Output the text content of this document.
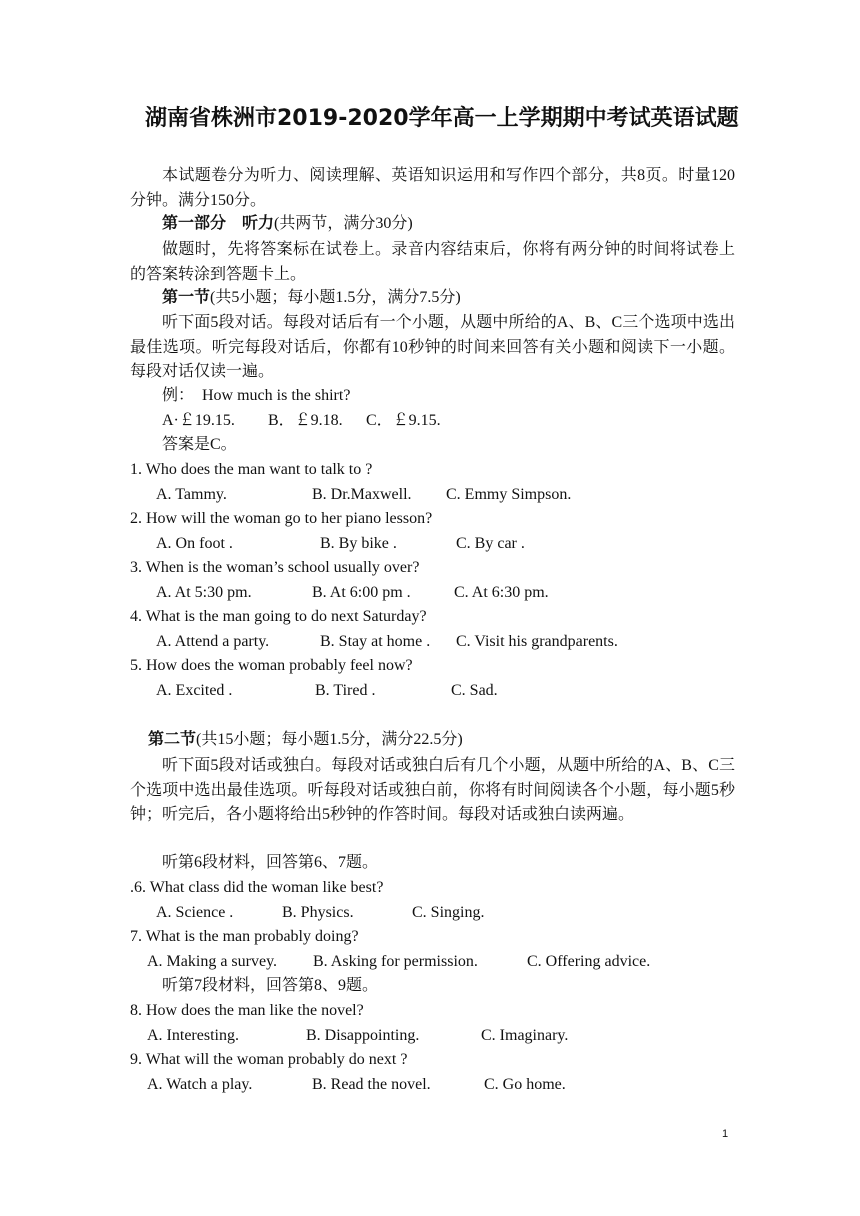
湖南省株洲市2019-2020学年高一上学期期中考试英语试题
本试题卷分为听力、阅读理解、英语知识运用和写作四个部分，共8页。时量120分钟。满分150分。
第一部分　听力(共两节，满分30分)
做题时，先将答案标在试卷上。录音内容结束后，你将有两分钟的时间将试卷上的答案转涂到答题卡上。
第一节(共5小题；每小题1.5分，满分7.5分)
听下面5段对话。每段对话后有一个小题，从题中所给的A、B、C三个选项中选出最佳选项。听完每段对话后，你都有10秒钟的时间来回答有关小题和阅读下一小题。每段对话仅读一遍。
例：　How much is the shirt?
A·￡19.15. B．￡9.18. C．￡9.15.
答案是C。
1. Who does the man want to talk to ?
A. Tammy.	B. Dr.Maxwell. C. Emmy Simpson.
2. How will the woman go to her piano lesson?
A. On foot .	B. By bike .	C. By car .
3. When is the woman’s school usually over?
A. At 5:30 pm.	B. At 6:00 pm .	C. At 6:30 pm.
4. What is the man going to do next Saturday?
A. Attend a party.	B. Stay at home . C. Visit his grandparents.
5. How does the woman probably feel now?
A. Excited .	B. Tired .	C. Sad.
第二节(共15小题；每小题1.5分，满分22.5分)
听下面5段对话或独白。每段对话或独白后有几个小题，从题中所给的A、B、C三个选项中选出最佳选项。听每段对话或独白前，你将有时间阅读各个小题，每小题5秒钟；听完后，各小题将给出5秒钟的作答时间。每段对话或独白读两遍。
听第6段材料，回答第6、7题。
.6. What class did the woman like best?
A. Science .	B. Physics.	C. Singing.
7. What is the man probably doing?
A. Making a survey. B. Asking for permission.	C. Offering advice.
听第7段材料，回答第8、9题。
8. How does the man like the novel?
A. Interesting.	B. Disappointing.	C. Imaginary.
9. What will the woman probably do next ?
A. Watch a play.	B. Read the novel.	C. Go home.
1
